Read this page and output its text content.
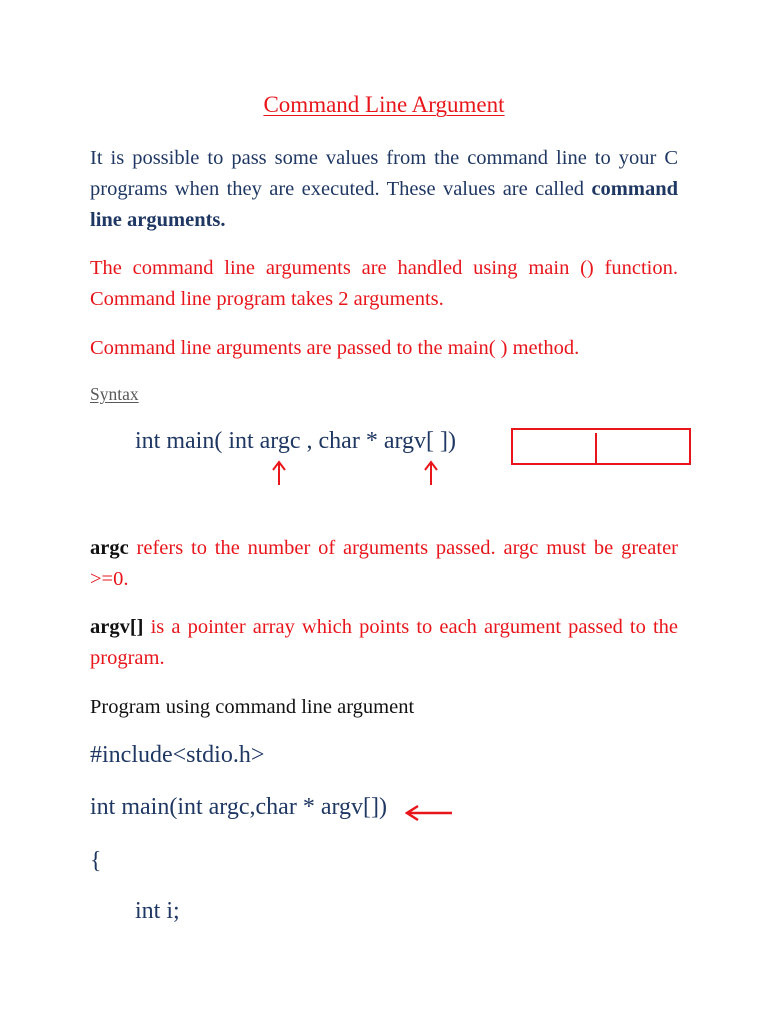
Command Line Argument
It is possible to pass some values from the command line to your C programs when they are executed. These values are called command line arguments.
The command line arguments are handled using main () function. Command line program takes 2 arguments.
Command line arguments are passed to the main( ) method.
Syntax
int main( int argc , char * argv[ ])
argc refers to the number of arguments passed. argc must be greater >=0.
argv[] is a pointer array which points to each argument passed to the program.
Program using command line argument
#include<stdio.h>
int main(int argc,char * argv[])
{
int i;
